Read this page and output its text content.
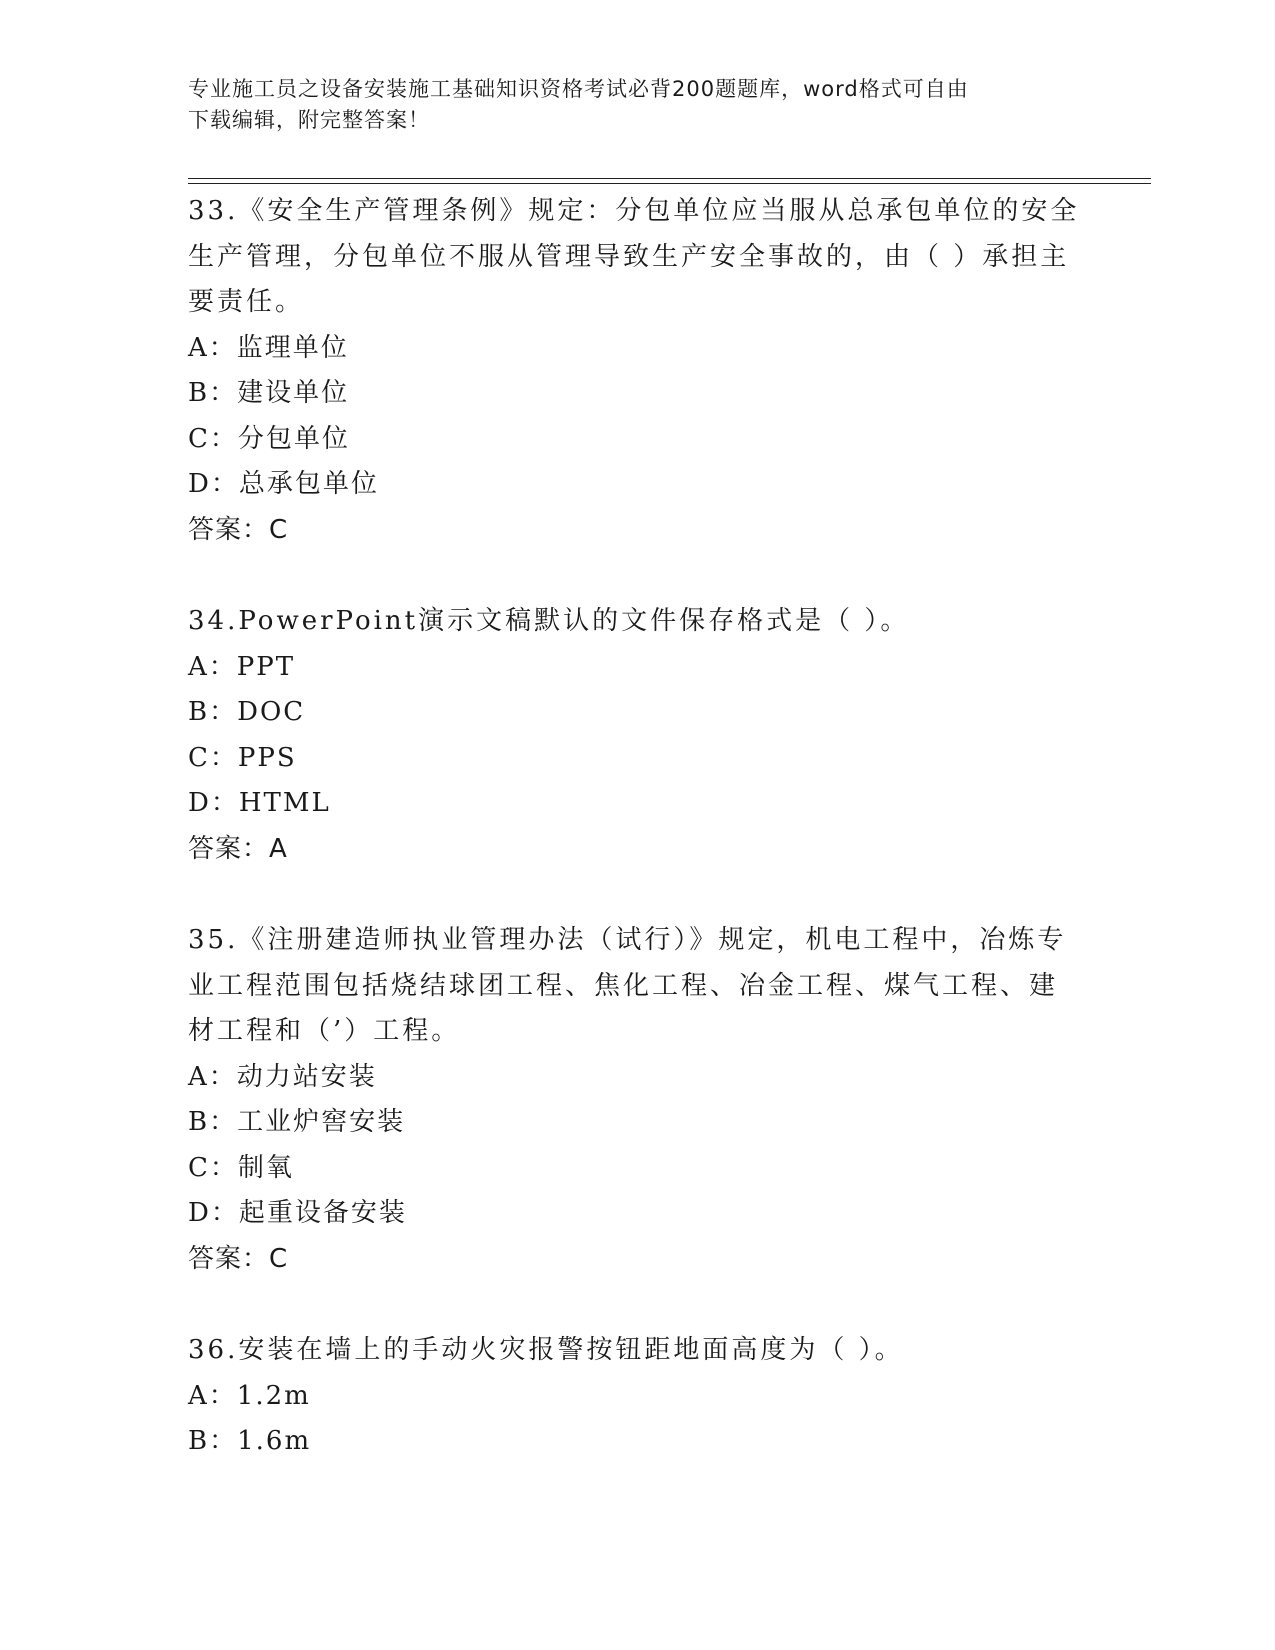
专业施工员之设备安装施工基础知识资格考试必背200题题库，word格式可自由
下载编辑，附完整答案！

33.《安全生产管理条例》规定：分包单位应当服从总承包单位的安全

生产管理，分包单位不服从管理导致生产安全事故的，由（ ）承担主

要责任。

A：监理单位

B：建设单位

C：分包单位

D：总承包单位

答案：C

34.PowerPoint演示文稿默认的文件保存格式是（ ）。

A：PPT

B：DOC

C：PPS

D：HTML

答案：A

35.《注册建造师执业管理办法（试行）》规定，机电工程中，冶炼专

业工程范围包括烧结球团工程、焦化工程、冶金工程、煤气工程、建

材工程和（’）工程。

A：动力站安装

B：工业炉窖安装

C：制氧

D：起重设备安装

答案：C

36.安装在墙上的手动火灾报警按钮距地面高度为（ ）。

A：1.2m

B：1.6m
